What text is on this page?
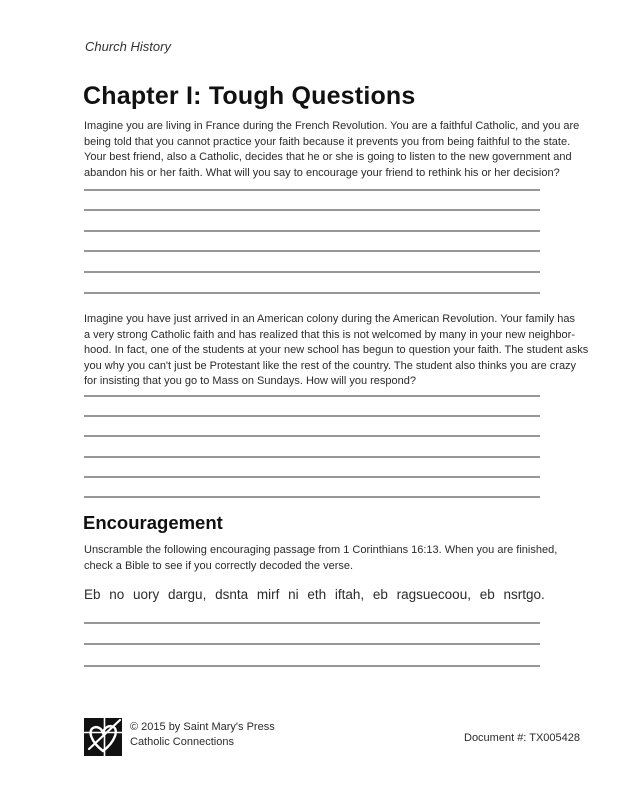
Church History
Chapter I: Tough Questions
Imagine you are living in France during the French Revolution. You are a faithful Catholic, and you are
being told that you cannot practice your faith because it prevents you from being faithful to the state.
Your best friend, also a Catholic, decides that he or she is going to listen to the new government and
abandon his or her faith. What will you say to encourage your friend to rethink his or her decision?
Imagine you have just arrived in an American colony during the American Revolution. Your family has
a very strong Catholic faith and has realized that this is not welcomed by many in your new neighbor-
hood. In fact, one of the students at your new school has begun to question your faith. The student asks
you why you can't just be Protestant like the rest of the country. The student also thinks you are crazy
for insisting that you go to Mass on Sundays. How will you respond?
Encouragement
Unscramble the following encouraging passage from 1 Corinthians 16:13. When you are finished,
check a Bible to see if you correctly decoded the verse.
Eb no uory dargu, dsnta mirf ni eth iftah, eb ragsuecoou, eb nsrtgo.
© 2015 by Saint Mary's Press
Catholic Connections	Document #: TX005428
